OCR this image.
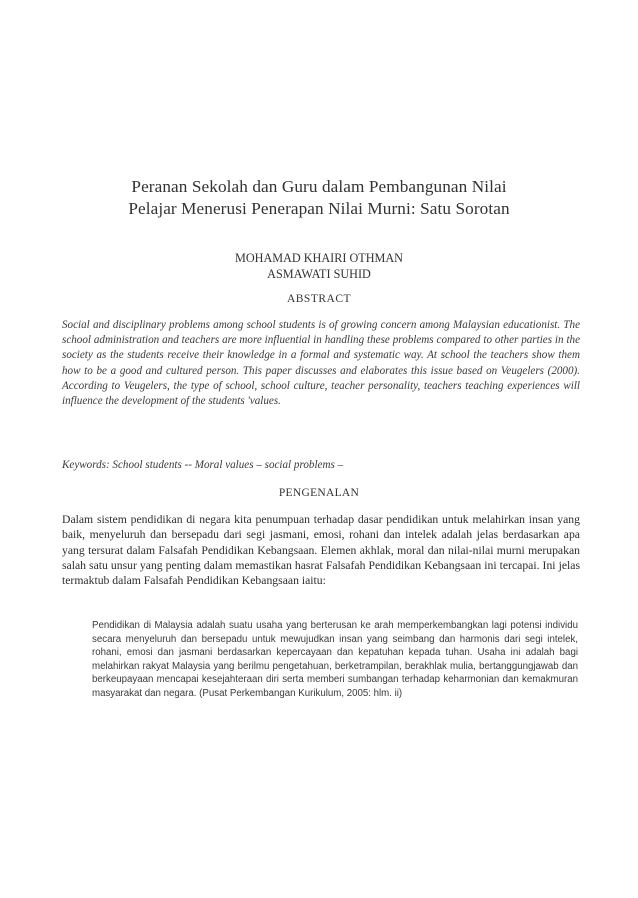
Peranan Sekolah dan Guru dalam Pembangunan Nilai
Pelajar Menerusi Penerapan Nilai Murni: Satu Sorotan
MOHAMAD KHAIRI OTHMAN
ASMAWATI SUHID
ABSTRACT
Social and disciplinary problems among school students is of growing concern among Malaysian educationist. The school administration and teachers are more influential in handling these problems compared to other parties in the society as the students receive their knowledge in a formal and systematic way. At school the teachers show them how to be a good and cultured person. This paper discusses and elaborates this issue based on Veugelers (2000). According to Veugelers, the type of school, school culture, teacher personality, teachers teaching experiences will influence the development of the students 'values.
Keywords: School students -- Moral values – social problems –
PENGENALAN
Dalam sistem pendidikan di negara kita penumpuan terhadap dasar pendidikan untuk melahirkan insan yang baik, menyeluruh dan bersepadu dari segi jasmani, emosi, rohani dan intelek adalah jelas berdasarkan apa yang tersurat dalam Falsafah Pendidikan Kebangsaan. Elemen akhlak, moral dan nilai-nilai murni merupakan salah satu unsur yang penting dalam memastikan hasrat Falsafah Pendidikan Kebangsaan ini tercapai. Ini jelas termaktub dalam Falsafah Pendidikan Kebangsaan iaitu:
Pendidikan di Malaysia adalah suatu usaha yang berterusan ke arah memperkembangkan lagi potensi individu secara menyeluruh dan bersepadu untuk mewujudkan insan yang seimbang dan harmonis dari segi intelek, rohani, emosi dan jasmani berdasarkan kepercayaan dan kepatuhan kepada tuhan. Usaha ini adalah bagi melahirkan rakyat Malaysia yang berilmu pengetahuan, berketrampilan, berakhlak mulia, bertanggungjawab dan berkeupayaan mencapai kesejahteraan diri serta memberi sumbangan terhadap keharmonian dan kemakmuran masyarakat dan negara. (Pusat Perkembangan Kurikulum, 2005: hlm. ii)
